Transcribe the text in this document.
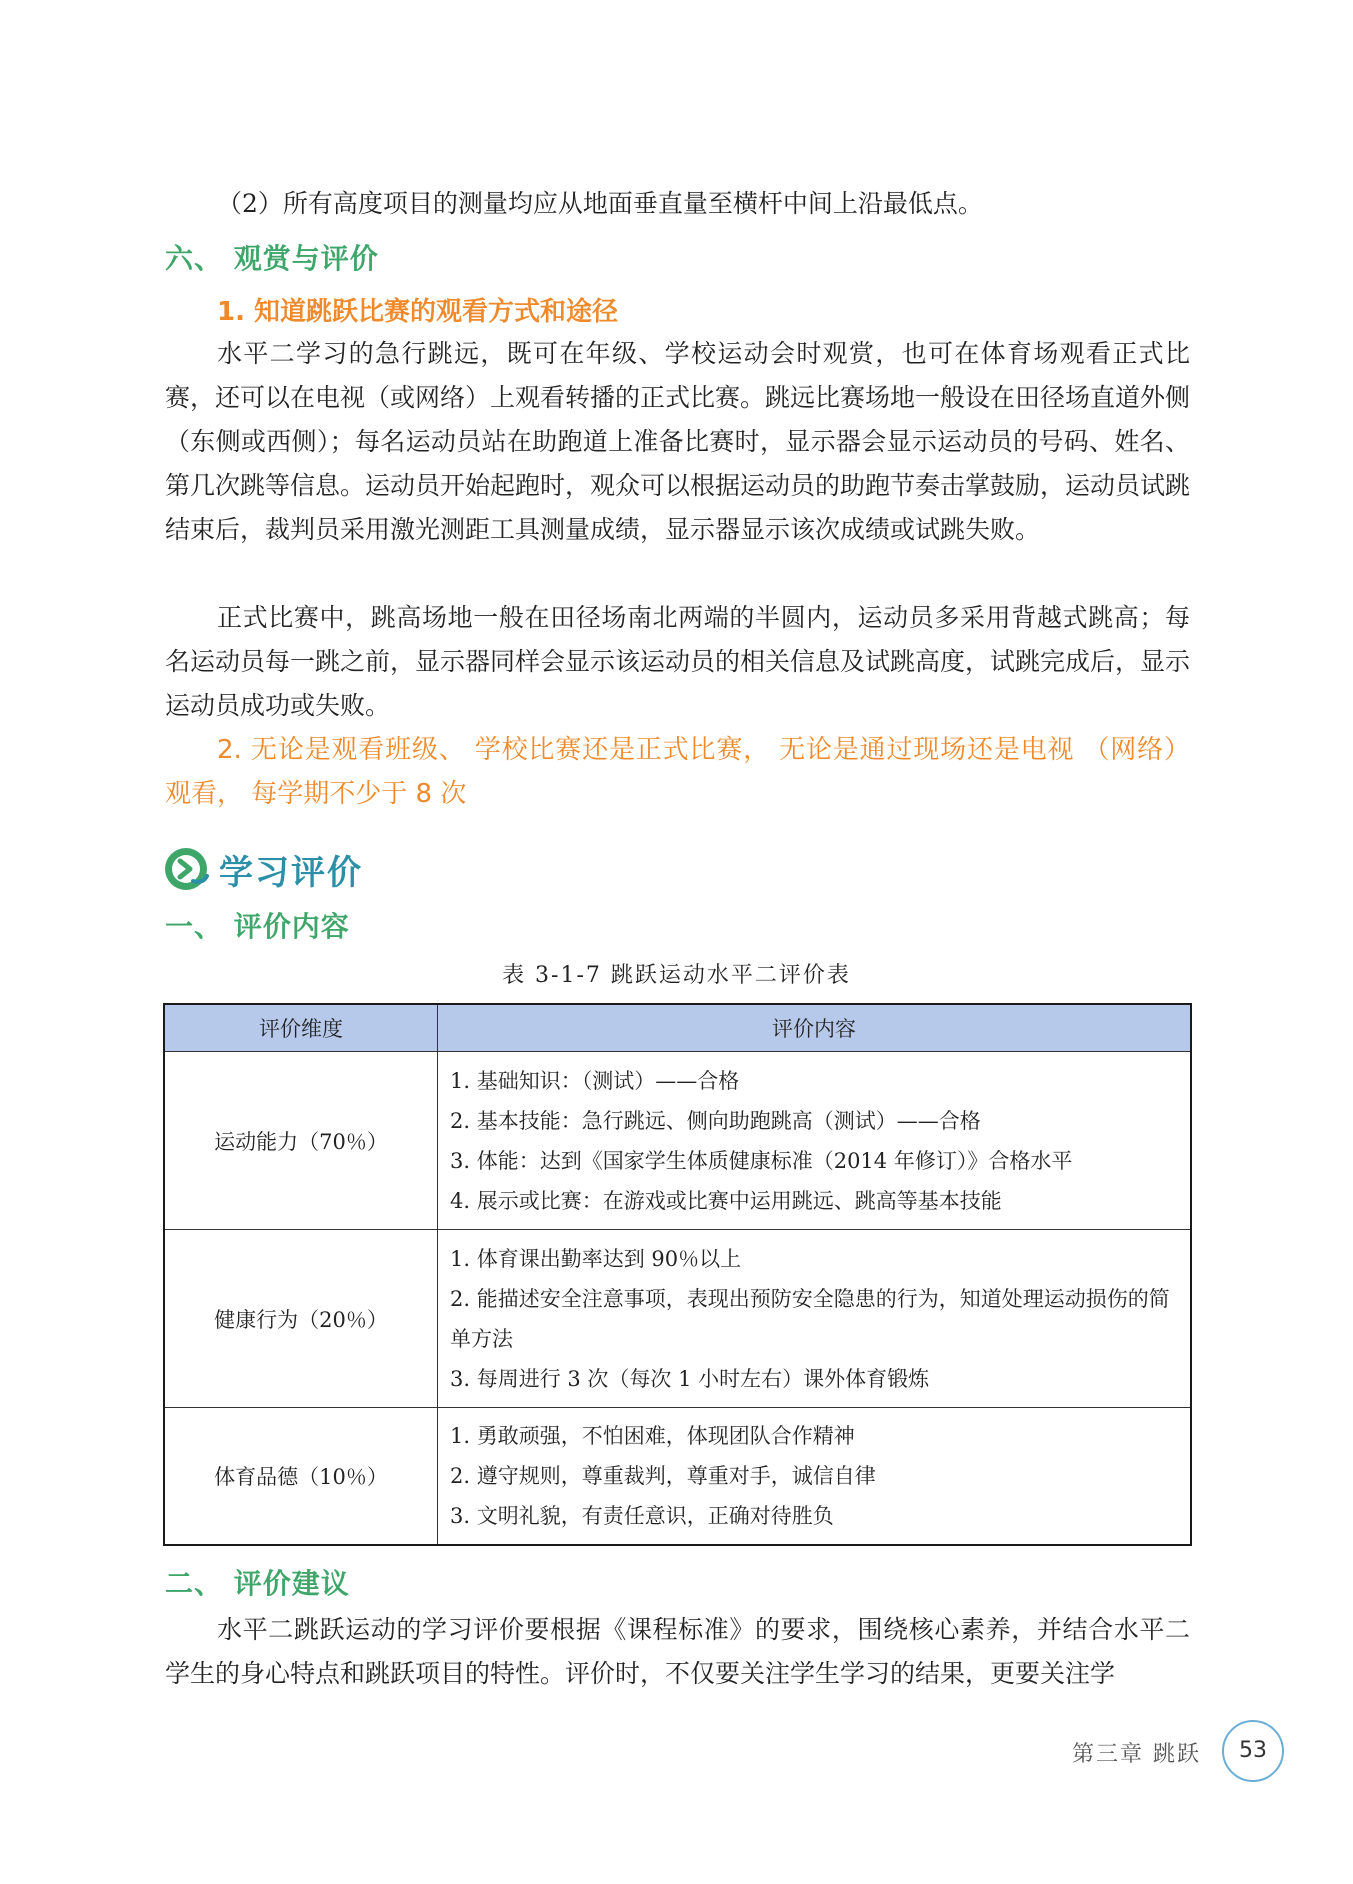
（2）所有高度项目的测量均应从地面垂直量至横杆中间上沿最低点。

六、 观赏与评价
1. 知道跳跃比赛的观看方式和途径

水平二学习的急行跳远，既可在年级、学校运动会时观赏，也可在体育场观看正式比赛，还可以在电视（或网络）上观看转播的正式比赛。跳远比赛场地一般设在田径场直道外侧（东侧或西侧）；每名运动员站在助跑道上准备比赛时，显示器会显示运动员的号码、姓名、第几次跳等信息。运动员开始起跑时，观众可以根据运动员的助跑节奏击掌鼓励，运动员试跳结束后，裁判员采用激光测距工具测量成绩，显示器显示该次成绩或试跳失败。

正式比赛中，跳高场地一般在田径场南北两端的半圆内，运动员多采用背越式跳高；每名运动员每一跳之前，显示器同样会显示该运动员的相关信息及试跳高度，试跳完成后，显示运动员成功或失败。

2. 无论是观看班级、 学校比赛还是正式比赛， 无论是通过现场还是电视 （网络） 观看， 每学期不少于 8 次

学习评价
一、 评价内容
表 3-1-7 跳跃运动水平二评价表
评价维度	评价内容
运动能力（70％）	1. 基础知识：（测试）——合格
2. 基本技能：急行跳远、侧向助跑跳高（测试）——合格
3. 体能：达到《国家学生体质健康标准（2014 年修订）》合格水平
4. 展示或比赛：在游戏或比赛中运用跳远、跳高等基本技能

健康行为（20％）	1. 体育课出勤率达到 90％以上
2. 能描述安全注意事项，表现出预防安全隐患的行为，知道处理运动损伤的简单方法
3. 每周进行 3 次（每次 1 小时左右）课外体育锻炼

体育品德（10％）	1. 勇敢顽强，不怕困难，体现团队合作精神
2. 遵守规则，尊重裁判，尊重对手，诚信自律
3. 文明礼貌，有责任意识，正确对待胜负
二、 评价建议

水平二跳跃运动的学习评价要根据《课程标准》的要求，围绕核心素养，并结合水平二学生的身心特点和跳跃项目的特性。评价时，不仅要关注学生学习的结果，更要关注学

第三章 跳跃	53
